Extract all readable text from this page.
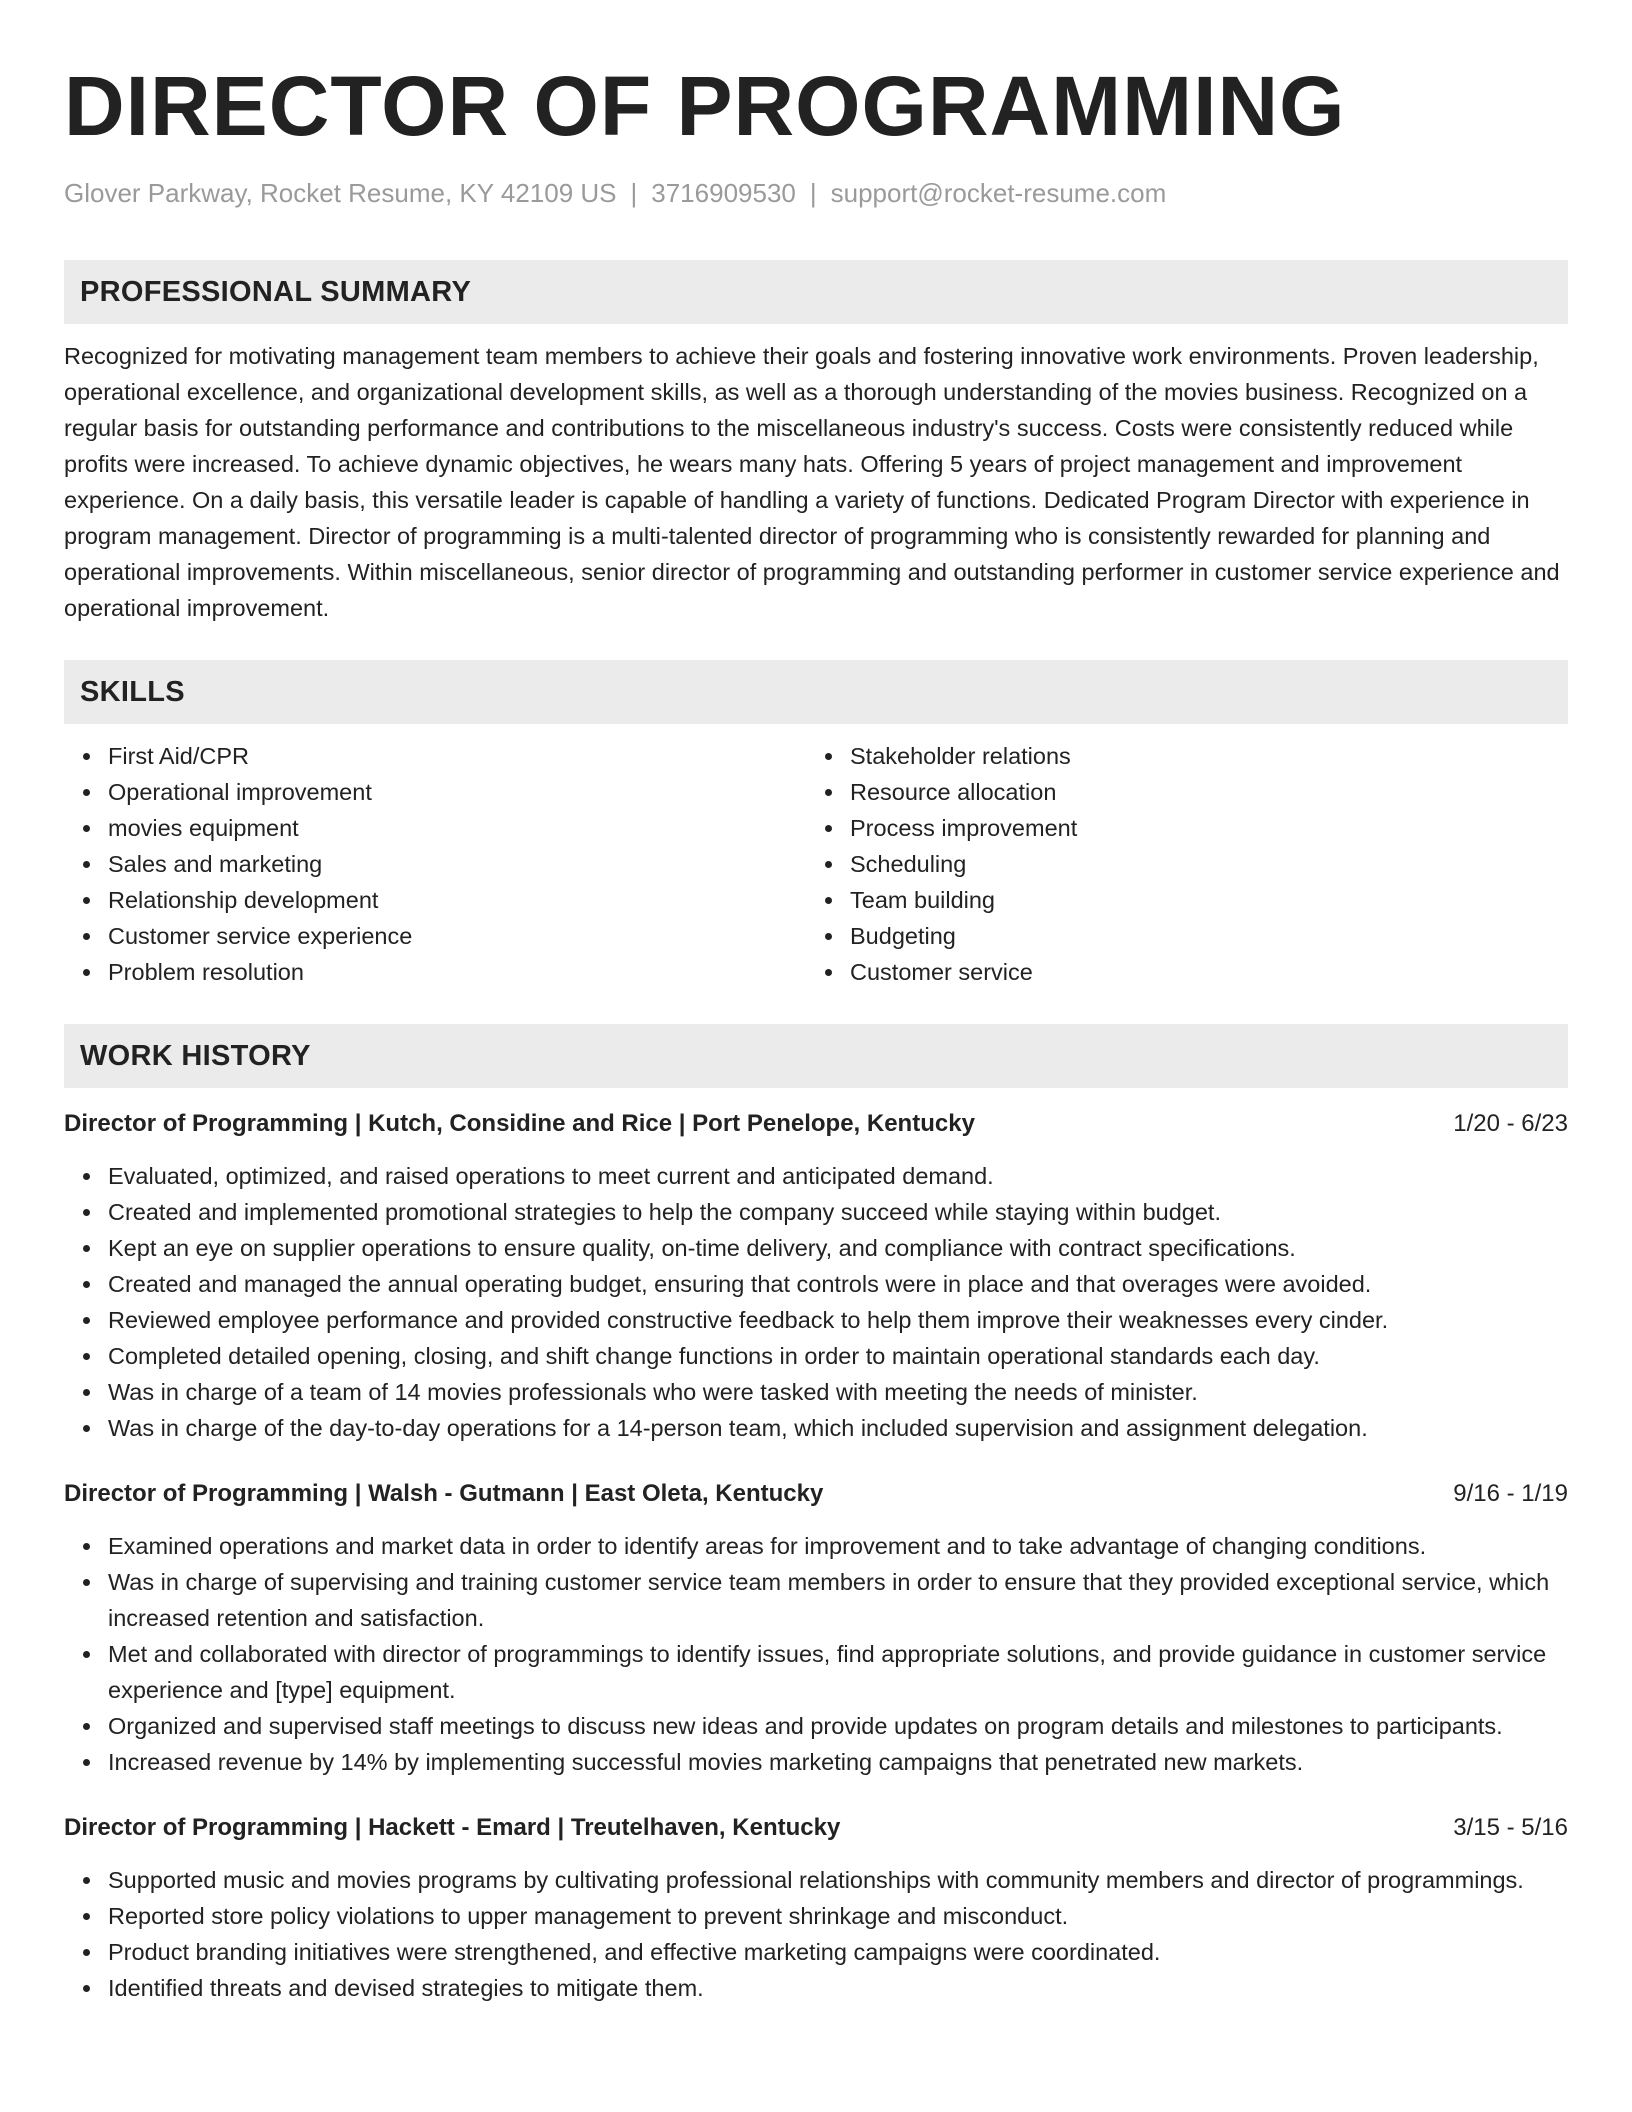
DIRECTOR OF PROGRAMMING
Glover Parkway, Rocket Resume, KY 42109 US | 3716909530 | support@rocket-resume.com
PROFESSIONAL SUMMARY
Recognized for motivating management team members to achieve their goals and fostering innovative work environments. Proven leadership, operational excellence, and organizational development skills, as well as a thorough understanding of the movies business. Recognized on a regular basis for outstanding performance and contributions to the miscellaneous industry's success. Costs were consistently reduced while profits were increased. To achieve dynamic objectives, he wears many hats. Offering 5 years of project management and improvement experience. On a daily basis, this versatile leader is capable of handling a variety of functions. Dedicated Program Director with experience in program management. Director of programming is a multi-talented director of programming who is consistently rewarded for planning and operational improvements. Within miscellaneous, senior director of programming and outstanding performer in customer service experience and operational improvement.
SKILLS
First Aid/CPR
Operational improvement
movies equipment
Sales and marketing
Relationship development
Customer service experience
Problem resolution
Stakeholder relations
Resource allocation
Process improvement
Scheduling
Team building
Budgeting
Customer service
WORK HISTORY
Director of Programming | Kutch, Considine and Rice | Port Penelope, Kentucky	1/20 - 6/23
Evaluated, optimized, and raised operations to meet current and anticipated demand.
Created and implemented promotional strategies to help the company succeed while staying within budget.
Kept an eye on supplier operations to ensure quality, on-time delivery, and compliance with contract specifications.
Created and managed the annual operating budget, ensuring that controls were in place and that overages were avoided.
Reviewed employee performance and provided constructive feedback to help them improve their weaknesses every cinder.
Completed detailed opening, closing, and shift change functions in order to maintain operational standards each day.
Was in charge of a team of 14 movies professionals who were tasked with meeting the needs of minister.
Was in charge of the day-to-day operations for a 14-person team, which included supervision and assignment delegation.
Director of Programming | Walsh - Gutmann | East Oleta, Kentucky	9/16 - 1/19
Examined operations and market data in order to identify areas for improvement and to take advantage of changing conditions.
Was in charge of supervising and training customer service team members in order to ensure that they provided exceptional service, which increased retention and satisfaction.
Met and collaborated with director of programmings to identify issues, find appropriate solutions, and provide guidance in customer service experience and [type] equipment.
Organized and supervised staff meetings to discuss new ideas and provide updates on program details and milestones to participants.
Increased revenue by 14% by implementing successful movies marketing campaigns that penetrated new markets.
Director of Programming | Hackett - Emard | Treutelhaven, Kentucky	3/15 - 5/16
Supported music and movies programs by cultivating professional relationships with community members and director of programmings.
Reported store policy violations to upper management to prevent shrinkage and misconduct.
Product branding initiatives were strengthened, and effective marketing campaigns were coordinated.
Identified threats and devised strategies to mitigate them.
